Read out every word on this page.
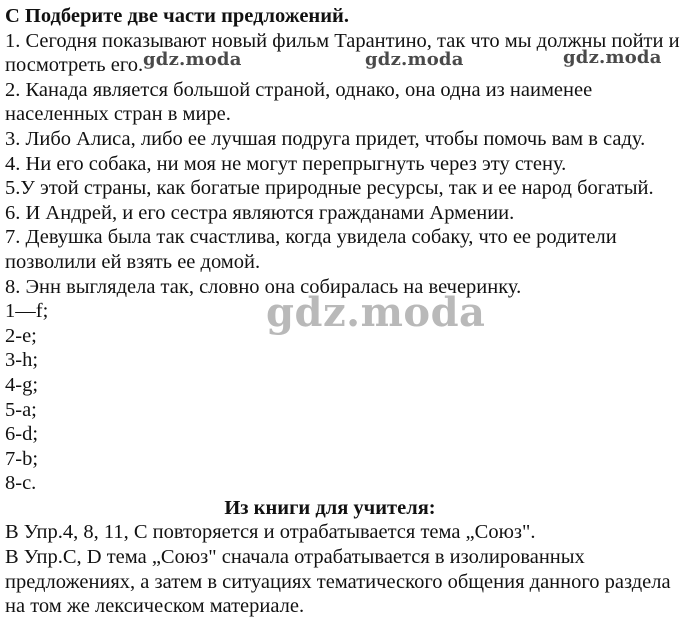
С Подберите две части предложений.
1. Сегодня показывают новый фильм Тарантино, так что мы должны пойти и
посмотреть его.
2. Канада является большой страной, однако, она одна из наименее
населенных стран в мире.
3. Либо Алиса, либо ее лучшая подруга придет, чтобы помочь вам в саду.
4. Ни его собака, ни моя не могут перепрыгнуть через эту стену.
5.У этой страны, как богатые природные ресурсы, так и ее народ богатый.
6. И Андрей, и его сестра являются гражданами Армении.
7. Девушка была так счастлива, когда увидела собаку, что ее родители
позволили ей взять ее домой.
8. Энн выглядела так, словно она собиралась на вечеринку.
1—f;
2-e;
3-h;
4-g;
5-a;
6-d;
7-b;
8-c.
Из книги для учителя:
В Упр.4, 8, 11, С повторяется и отрабатывается тема „Союз".
В Упр.С, D тема „Союз" сначала отрабатывается в изолированных
предложениях, а затем в ситуациях тематического общения данного раздела
на том же лексическом материале.
gdz.moda	gdz.moda	gdz.moda
gdz.moda
